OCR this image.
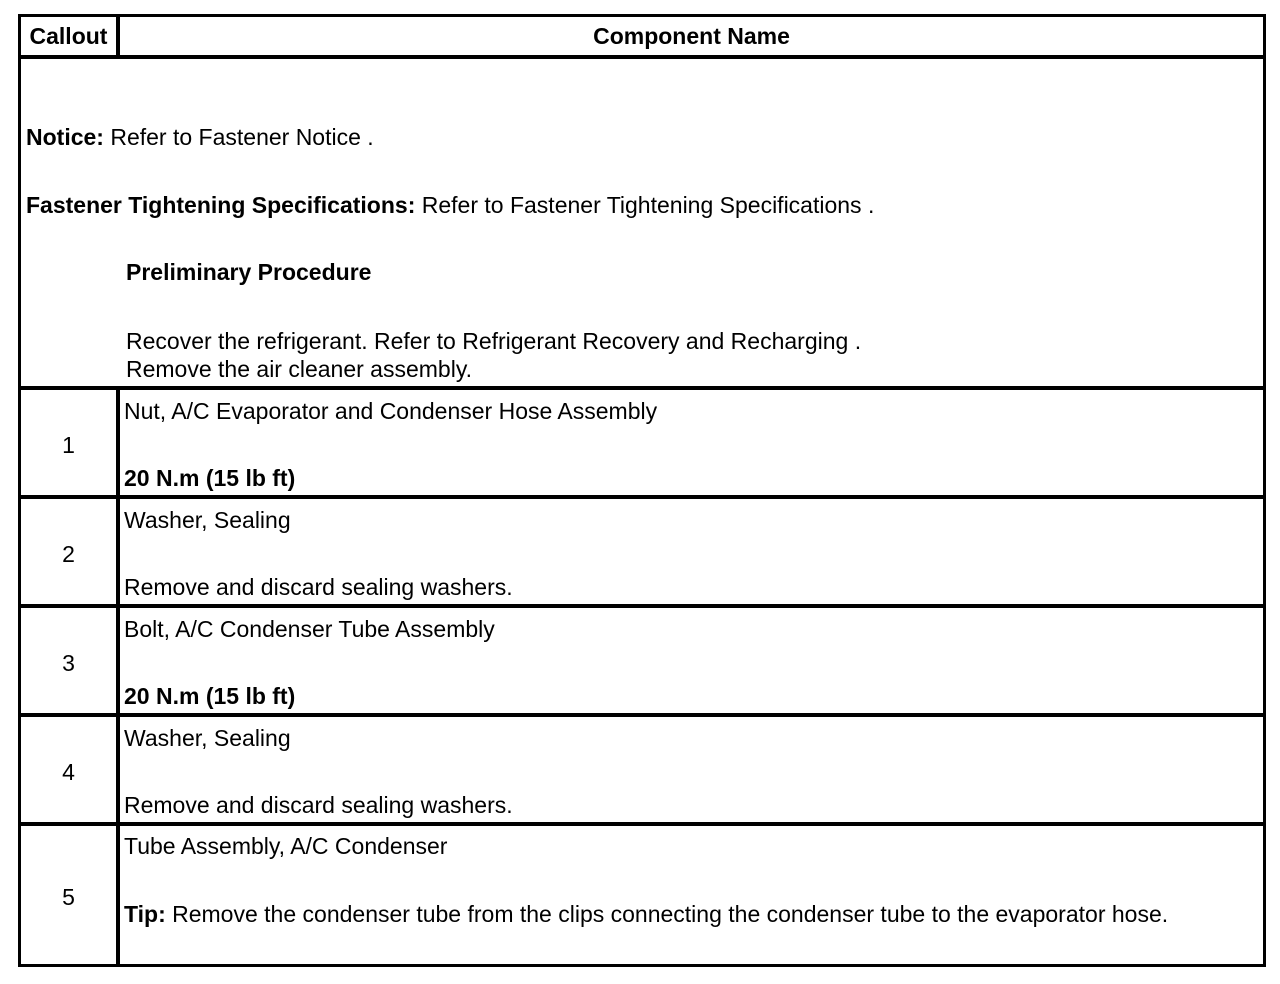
Callout	Component Name
Notice: Refer to Fastener Notice .
Fastener Tightening Specifications: Refer to Fastener Tightening Specifications .
Preliminary Procedure
Recover the refrigerant. Refer to Refrigerant Recovery and Recharging .
Remove the air cleaner assembly.
1
Nut, A/C Evaporator and Condenser Hose Assembly
20 N.m (15 lb ft)
2
Washer, Sealing
Remove and discard sealing washers.
3
Bolt, A/C Condenser Tube Assembly
20 N.m (15 lb ft)
4
Washer, Sealing
Remove and discard sealing washers.
5
Tube Assembly, A/C Condenser
Tip: Remove the condenser tube from the clips connecting the condenser tube to the evaporator hose.
